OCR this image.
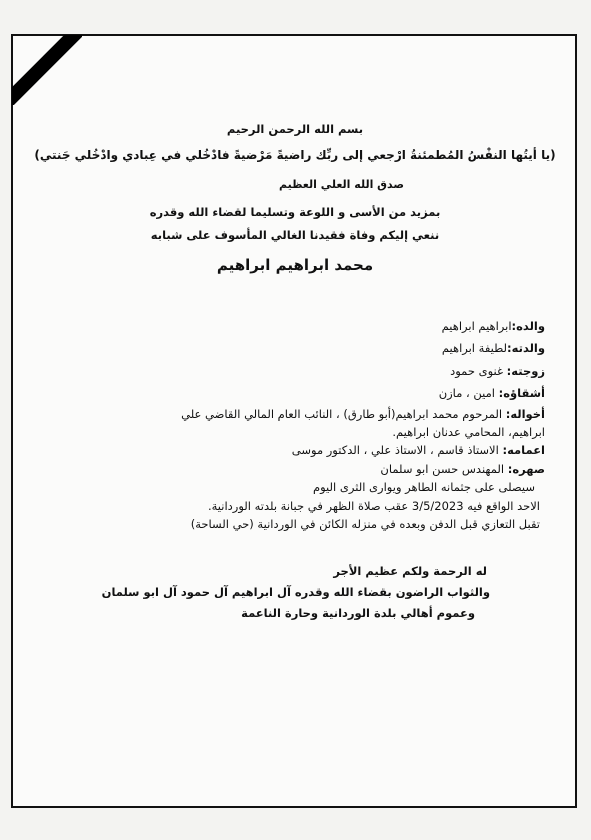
بسم الله الرحمن الرحيم
(يا أيتُها النفْسُ المُطمئنةُ ارْجعي إلى ربِّك راضيةً مَرْضيةً فادْخُلي في عِبادي وادْخُلي جَنتي)
صدق الله العلي العظيم
بمزيد من الأسى و اللوعة وتسليما لقضاء الله وقدره
ننعي إليكم وفاة فقيدنا الغالي المأسوف على شبابه
محمد ابراهيم ابراهيم
والده:ابراهيم ابراهيم
والدته:لطيفة ابراهيم
زوجته: غنوى حمود
أشقاؤه: امين ، مازن
أخواله: المرحوم محمد ابراهيم(أبو طارق) ، النائب العام المالي القاضي علي
ابراهيم، المحامي عدنان ابراهيم.
اعمامه: الاستاذ قاسم ، الاستاذ علي ، الدكتور موسى
صهره: المهندس حسن ابو سلمان
سيصلى على جثمانه الطاهر ويوارى الثرى اليوم
الاحد الواقع فيه 3/5/2023 عقب صلاة الظهر في جبانة بلدته الوردانية.
تقبل التعازي قبل الدفن وبعده في منزله الكائن في الوردانية (حي الساحة)
له الرحمة ولكم عظيم الأجر
والثواب الراضون بقضاء الله وقدره آل ابراهيم آل حمود آل ابو سلمان
وعموم أهالي بلدة الوردانية وحارة الناعمة
